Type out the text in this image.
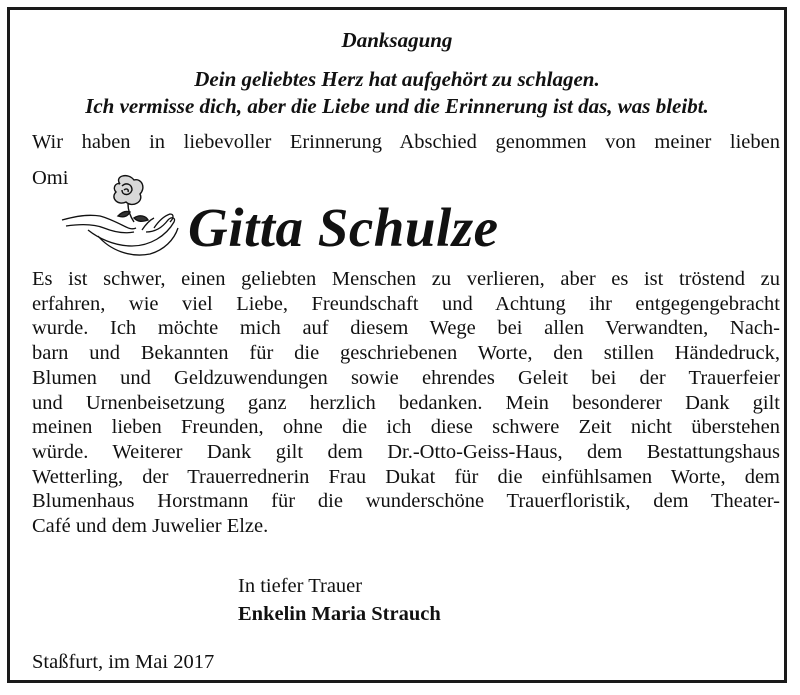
Danksagung
Dein geliebtes Herz hat aufgehört zu schlagen.
Ich vermisse dich, aber die Liebe und die Erinnerung ist das, was bleibt.
Wir haben in liebevoller Erinnerung Abschied genommen von meiner lieben
Omi
Gitta Schulze
Es ist schwer, einen geliebten Menschen zu verlieren, aber es ist tröstend zu
erfahren, wie viel Liebe, Freundschaft und Achtung ihr entgegengebracht
wurde. Ich möchte mich auf diesem Wege bei allen Verwandten, Nach-
barn und Bekannten für die geschriebenen Worte, den stillen Händedruck,
Blumen und Geldzuwendungen sowie ehrendes Geleit bei der Trauerfeier
und Urnenbeisetzung ganz herzlich bedanken. Mein besonderer Dank gilt
meinen lieben Freunden, ohne die ich diese schwere Zeit nicht überstehen
würde. Weiterer Dank gilt dem Dr.-Otto-Geiss-Haus, dem Bestattungshaus
Wetterling, der Trauerrednerin Frau Dukat für die einfühlsamen Worte, dem
Blumenhaus Horstmann für die wunderschöne Trauerfloristik, dem Theater-
Café und dem Juwelier Elze.
In tiefer Trauer
Enkelin Maria Strauch
Staßfurt, im Mai 2017
